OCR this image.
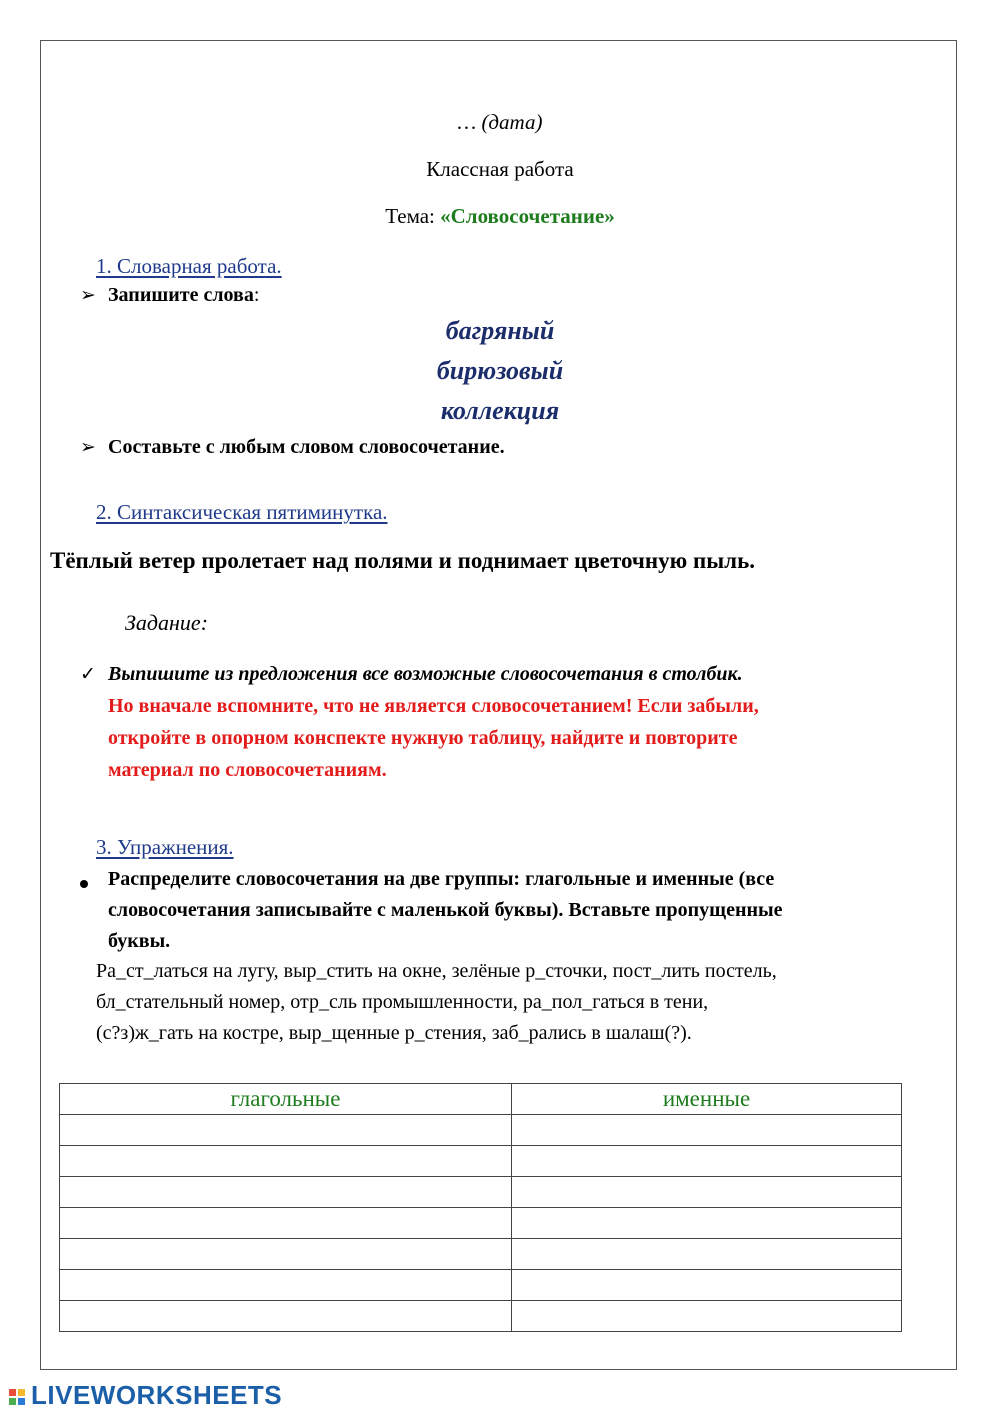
… (дата)
Классная работа
Тема: «Словосочетание»
1. Словарная работа.
➢ Запишите слова:
багряный
бирюзовый
коллекция
➢ Составьте с любым словом словосочетание.
2. Синтаксическая пятиминутка.
Тёплый ветер пролетает над полями и поднимает цветочную пыль.
Задание:
✓ Выпишите из предложения все возможные словосочетания в столбик.
Но вначале вспомните, что не является словосочетанием! Если забыли,
откройте в опорном конспекте нужную таблицу, найдите и повторите
материал по словосочетаниям.
3. Упражнения.
Распределите словосочетания на две группы: глагольные и именные (все
словосочетания записывайте с маленькой буквы). Вставьте пропущенные
буквы.
Ра_ст_латься на лугу, выр_стить на окне, зелёные р_сточки, пост_лить постель,
бл_стательный номер, отр_сль промышленности, ра_пол_гаться в тени,
(с?з)ж_гать на костре, выр_щенные р_стения, заб_рались в шалаш(?).
глагольные	именные

LIVEWORKSHEETS
